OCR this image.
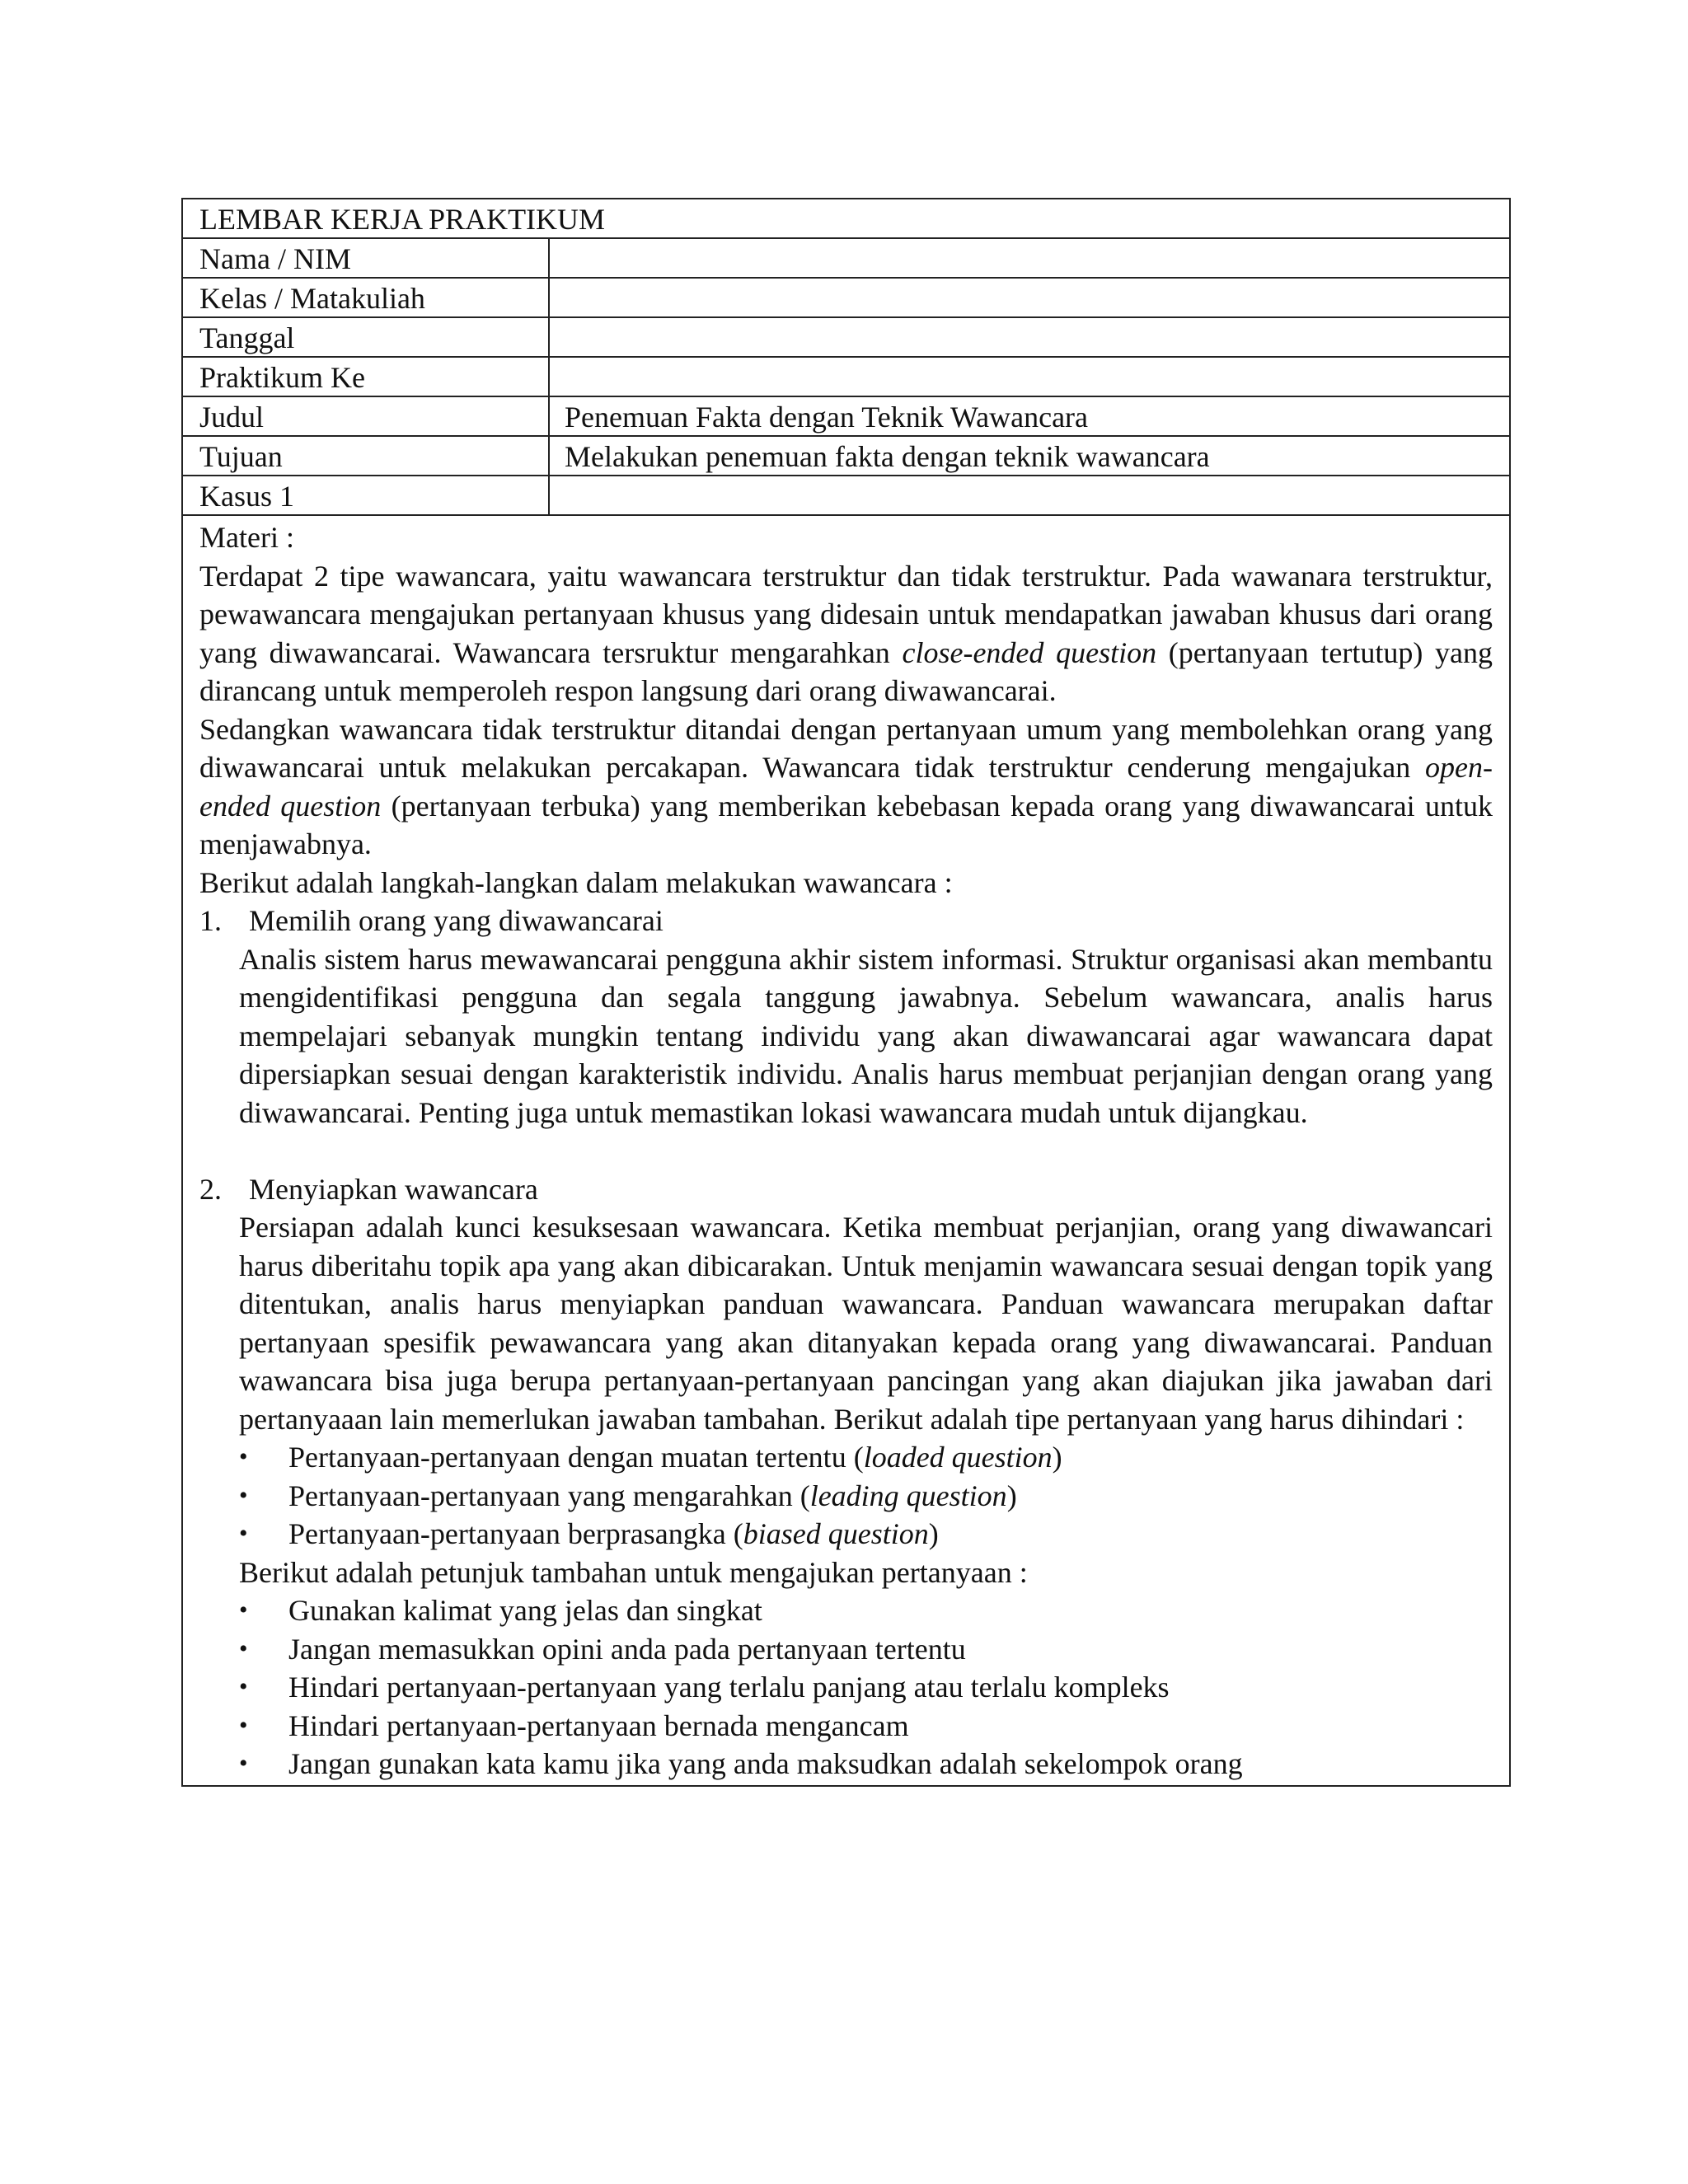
LEMBAR KERJA PRAKTIKUM
Nama / NIM
Kelas / Matakuliah
Tanggal
Praktikum Ke
Judul	Penemuan Fakta dengan Teknik Wawancara
Tujuan	Melakukan penemuan fakta dengan teknik wawancara
Kasus 1

Materi :

Terdapat 2 tipe wawancara, yaitu wawancara terstruktur dan tidak terstruktur. Pada wawanara terstruktur, pewawancara mengajukan pertanyaan khusus yang didesain untuk mendapatkan jawaban khusus dari orang yang diwawancarai. Wawancara tersruktur mengarahkan close-ended question (pertanyaan tertutup) yang dirancang untuk memperoleh respon langsung dari orang diwawancarai.

Sedangkan wawancara tidak terstruktur ditandai dengan pertanyaan umum yang membolehkan orang yang diwawancarai untuk melakukan percakapan. Wawancara tidak terstruktur cenderung mengajukan open-ended question (pertanyaan terbuka) yang memberikan kebebasan kepada orang yang diwawancarai untuk menjawabnya.

Berikut adalah langkah-langkan dalam melakukan wawancara :

1. Memilih orang yang diwawancarai

Analis sistem harus mewawancarai pengguna akhir sistem informasi. Struktur organisasi akan membantu mengidentifikasi pengguna dan segala tanggung jawabnya. Sebelum wawancara, analis harus mempelajari sebanyak mungkin tentang individu yang akan diwawancarai agar wawancara dapat dipersiapkan sesuai dengan karakteristik individu. Analis harus membuat perjanjian dengan orang yang diwawancarai. Penting juga untuk memastikan lokasi wawancara mudah untuk dijangkau.

2. Menyiapkan wawancara

Persiapan adalah kunci kesuksesaan wawancara. Ketika membuat perjanjian, orang yang diwawancari harus diberitahu topik apa yang akan dibicarakan. Untuk menjamin wawancara sesuai dengan topik yang ditentukan, analis harus menyiapkan panduan wawancara. Panduan wawancara merupakan daftar pertanyaan spesifik pewawancara yang akan ditanyakan kepada orang yang diwawancarai. Panduan wawancara bisa juga berupa pertanyaan-pertanyaan pancingan yang akan diajukan jika jawaban dari pertanyaaan lain memerlukan jawaban tambahan. Berikut adalah tipe pertanyaan yang harus dihindari :

•	Pertanyaan-pertanyaan dengan muatan tertentu (loaded question)
•	Pertanyaan-pertanyaan yang mengarahkan (leading question)
•	Pertanyaan-pertanyaan berprasangka (biased question)

Berikut adalah petunjuk tambahan untuk mengajukan pertanyaan :

•	Gunakan kalimat yang jelas dan singkat
•	Jangan memasukkan opini anda pada pertanyaan tertentu
•	Hindari pertanyaan-pertanyaan yang terlalu panjang atau terlalu kompleks
•	Hindari pertanyaan-pertanyaan bernada mengancam
•	Jangan gunakan kata kamu jika yang anda maksudkan adalah sekelompok orang
